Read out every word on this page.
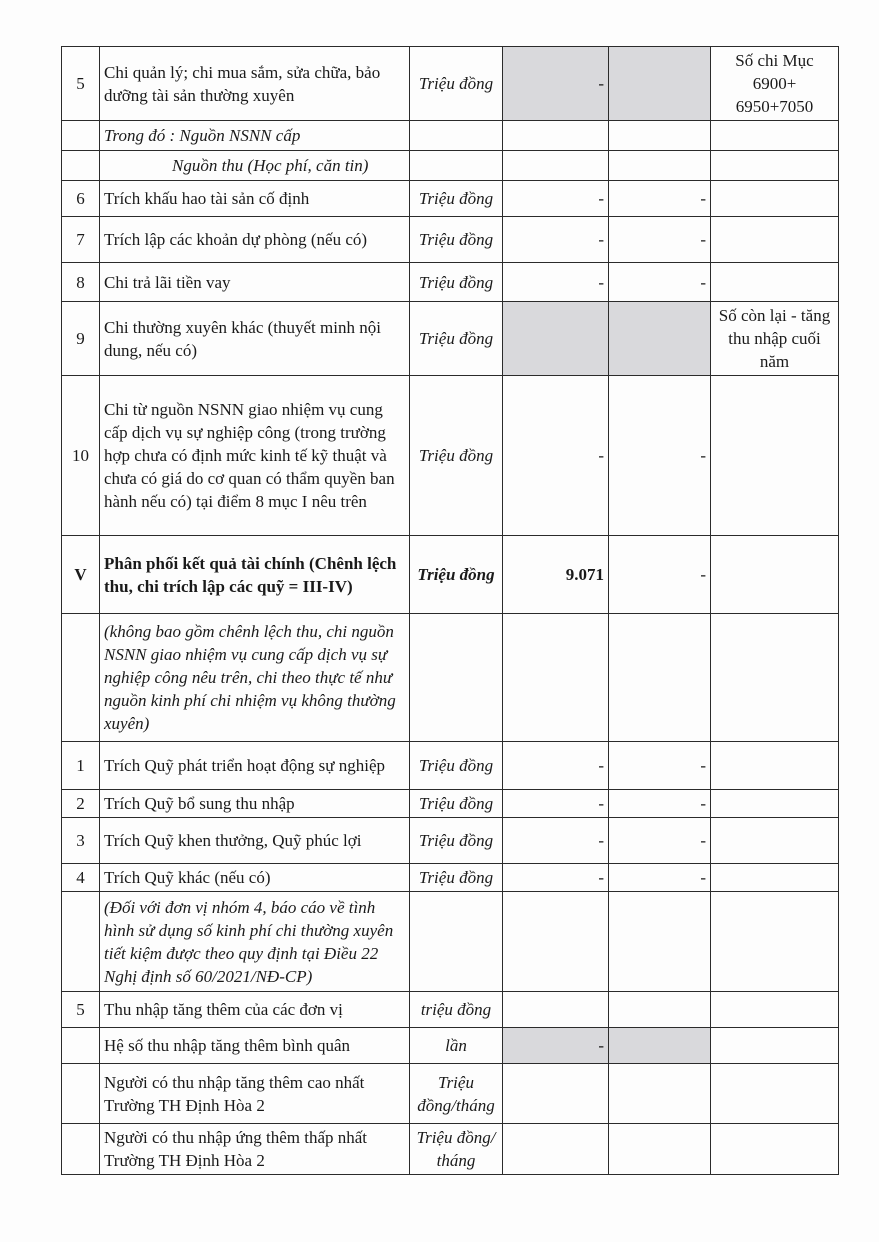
5	Chi quản lý; chi mua sắm, sửa chữa, bảo dưỡng tài sản thường xuyên	Triệu đồng	-		Số chi Mục 6900+ 6950+7050
	Trong đó : Nguồn NSNN cấp				
	Nguồn thu (Học phí, căn tin)				
6	Trích khấu hao tài sản cố định	Triệu đồng	-	-	
7	Trích lập các khoản dự phòng (nếu có)	Triệu đồng	-	-	
8	Chi trả lãi tiền vay	Triệu đồng	-	-	
9	Chi thường xuyên khác (thuyết minh nội dung, nếu có)	Triệu đồng			Số còn lại - tăng thu nhập cuối năm
10	Chi từ nguồn NSNN giao nhiệm vụ cung cấp dịch vụ sự nghiệp công (trong trường hợp chưa có định mức kinh tế kỹ thuật và chưa có giá do cơ quan có thẩm quyền ban hành nếu có) tại điểm 8 mục I nêu trên	Triệu đồng	-	-	
V	Phân phối kết quả tài chính (Chênh lệch thu, chi trích lập các quỹ = III-IV)	Triệu đồng	9.071	-	
	(không bao gồm chênh lệch thu, chi nguồn NSNN giao nhiệm vụ cung cấp dịch vụ sự nghiệp công nêu trên, chi theo thực tế như nguồn kinh phí chi nhiệm vụ không thường xuyên)				
1	Trích Quỹ phát triển hoạt động sự nghiệp	Triệu đồng	-	-	
2	Trích Quỹ bổ sung thu nhập	Triệu đồng	-	-	
3	Trích Quỹ khen thưởng, Quỹ phúc lợi	Triệu đồng	-	-	
4	Trích Quỹ khác (nếu có)	Triệu đồng	-	-	
	(Đối với đơn vị nhóm 4, báo cáo về tình hình sử dụng số kinh phí chi thường xuyên tiết kiệm được theo quy định tại Điều 22 Nghị định số 60/2021/NĐ-CP)				
5	Thu nhập tăng thêm của các đơn vị	triệu đồng			
	Hệ số thu nhập tăng thêm bình quân	lần	-		
	Người có thu nhập tăng thêm cao nhất Trường TH Định Hòa 2	Triệu đồng/tháng			
	Người có thu nhập ứng thêm thấp nhất Trường TH Định Hòa 2	Triệu đồng/ tháng			
